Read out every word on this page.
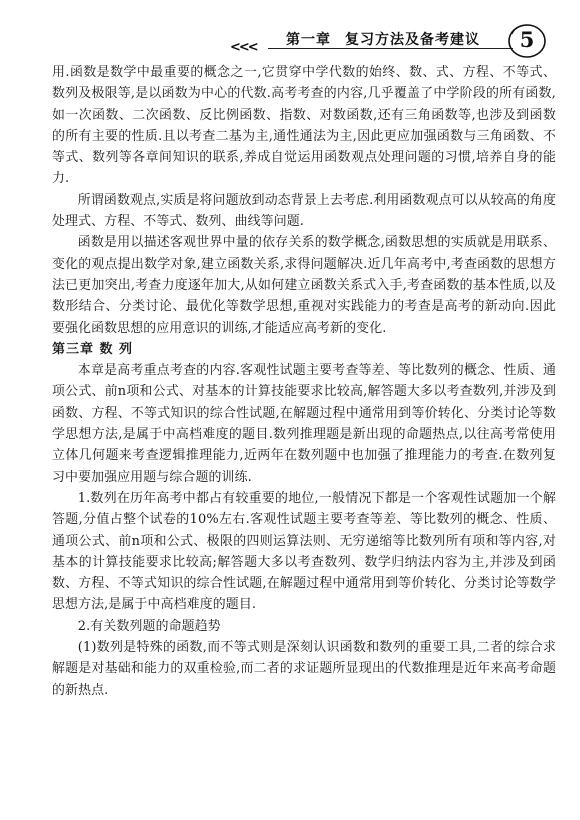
<<< 第一章 复习方法及备考建议 5

用.函数是数学中最重要的概念之一,它贯穿中学代数的始终、数、式、方程、不等式、数列及极限等,是以函数为中心的代数.高考考查的内容,几乎覆盖了中学阶段的所有函数,如一次函数、二次函数、反比例函数、指数、对数函数,还有三角函数等,也涉及到函数的所有主要的性质.且以考查二基为主,通性通法为主,因此更应加强函数与三角函数、不等式、数列等各章间知识的联系,养成自觉运用函数观点处理问题的习惯,培养自身的能力.

所谓函数观点,实质是将问题放到动态背景上去考虑.利用函数观点可以从较高的角度处理式、方程、不等式、数列、曲线等问题.

函数是用以描述客观世界中量的依存关系的数学概念,函数思想的实质就是用联系、变化的观点提出数学对象,建立函数关系,求得问题解决.近几年高考中,考查函数的思想方法已更加突出,考查力度逐年加大,从如何建立函数关系式入手,考查函数的基本性质,以及数形结合、分类讨论、最优化等数学思想,重视对实践能力的考查是高考的新动向.因此要强化函数思想的应用意识的训练,才能适应高考新的变化.

第三章 数 列

本章是高考重点考查的内容.客观性试题主要考查等差、等比数列的概念、性质、通项公式、前n项和公式、对基本的计算技能要求比较高,解答题大多以考查数列,并涉及到函数、方程、不等式知识的综合性试题,在解题过程中通常用到等价转化、分类讨论等数学思想方法,是属于中高档难度的题目.数列推理题是新出现的命题热点,以往高考常使用立体几何题来考查逻辑推理能力,近两年在数列题中也加强了推理能力的考查.在数列复习中要加强应用题与综合题的训练.

1.数列在历年高考中都占有较重要的地位,一般情况下都是一个客观性试题加一个解答题,分值占整个试卷的10%左右.客观性试题主要考查等差、等比数列的概念、性质、通项公式、前n项和公式、极限的四则运算法则、无穷递缩等比数列所有项和等内容,对基本的计算技能要求比较高;解答题大多以考查数列、数学归纳法内容为主,并涉及到函数、方程、不等式知识的综合性试题,在解题过程中通常用到等价转化、分类讨论等数学思想方法,是属于中高档难度的题目.

2.有关数列题的命题趋势

(1)数列是特殊的函数,而不等式则是深刻认识函数和数列的重要工具,二者的综合求解题是对基础和能力的双重检验,而二者的求证题所显现出的代数推理是近年来高考命题的新热点.
